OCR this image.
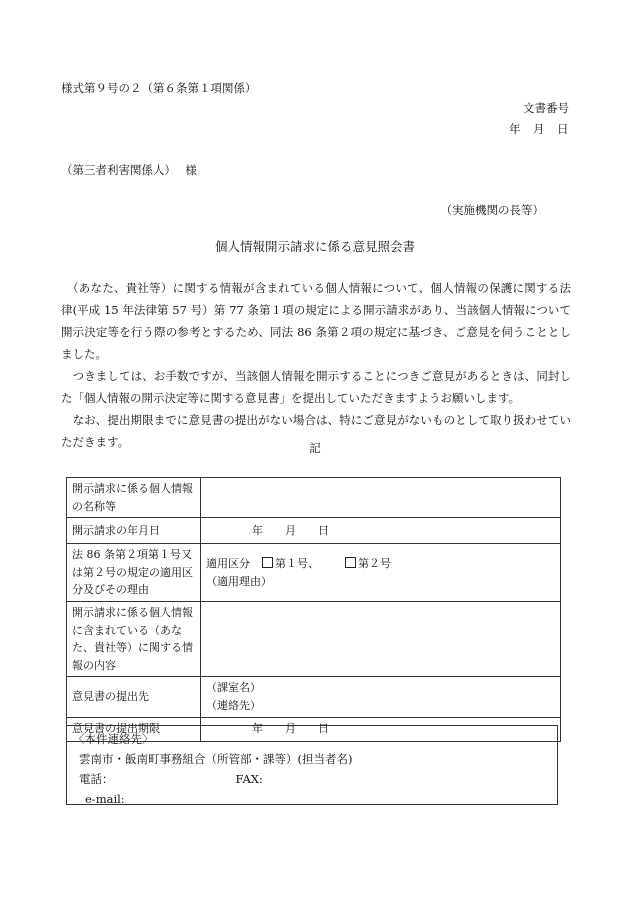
様式第９号の２（第６条第１項関係）
文書番号
年　月　日
（第三者利害関係人）　 様
（実施機関の長等）
個人情報開示請求に係る意見照会書

　（あなた、貴社等）に関する情報が含まれている個人情報について、個人情報の保護に関する法律(平成 15 年法律第 57 号）第 77 条第１項の規定による開示請求があり、当該個人情報について開示決定等を行う際の参考とするため、同法 86 条第２項の規定に基づき、ご意見を伺うこととしました。

　つきましては、お手数ですが、当該個人情報を開示することにつきご意見があるときは、同封した「個人情報の開示決定等に関する意見書」を提出していただきますようお願いします。

　なお、提出期限までに意見書の提出がない場合は、特にご意見がないものとして取り扱わせていただきます。	記
開示請求に係る個人情報の名称等	
開示請求の年月日	年　　月　　日
法 86 条第２項第１号又は第２号の規定の適用区分及びその理由	適用区分 第１号、 第２号
（適用理由）

開示請求に係る個人情報に含まれている（あなた、貴社等）に関する情報の内容	
意見書の提出先	（課室名）
（連絡先）

意見書の提出期限	年　　月　　日
〈本件連絡先〉
雲南市・飯南町事務組合（所管部・課等）(担当者名)
電話：	FAX:
e-mail:
